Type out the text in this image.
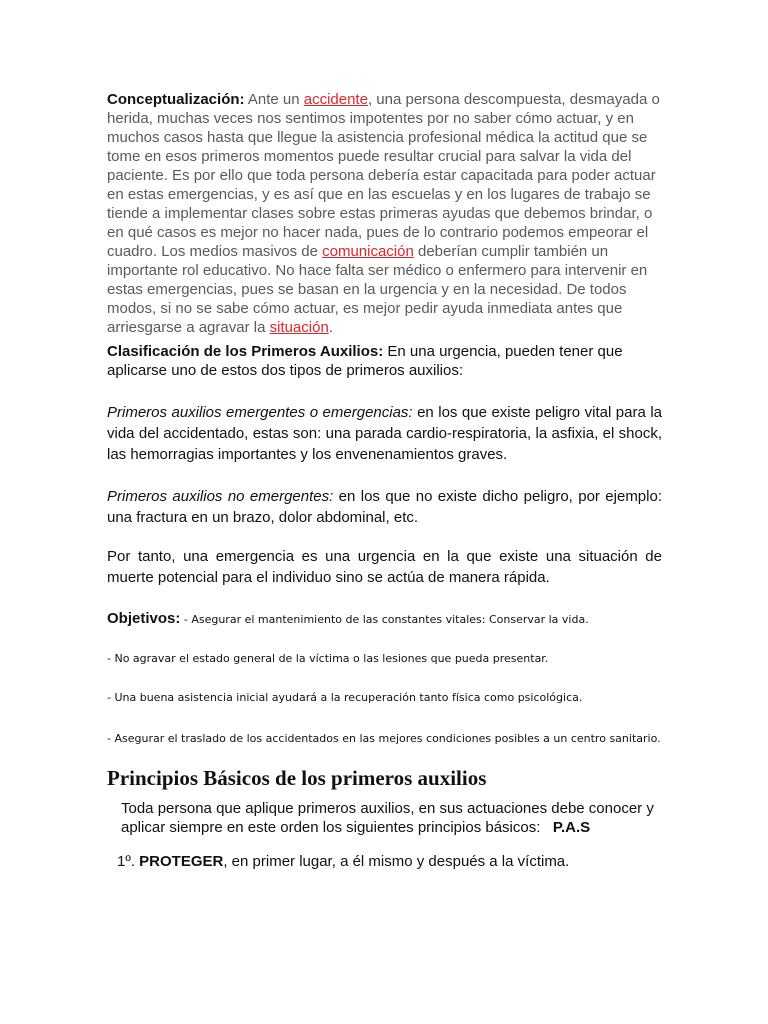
Conceptualización: Ante un accidente, una persona descompuesta, desmayada o herida, muchas veces nos sentimos impotentes por no saber cómo actuar, y en muchos casos hasta que llegue la asistencia profesional médica la actitud que se tome en esos primeros momentos puede resultar crucial para salvar la vida del paciente. Es por ello que toda persona debería estar capacitada para poder actuar en estas emergencias, y es así que en las escuelas y en los lugares de trabajo se tiende a implementar clases sobre estas primeras ayudas que debemos brindar, o en qué casos es mejor no hacer nada, pues de lo contrario podemos empeorar el cuadro. Los medios masivos de comunicación deberían cumplir también un importante rol educativo. No hace falta ser médico o enfermero para intervenir en estas emergencias, pues se basan en la urgencia y en la necesidad. De todos modos, si no se sabe cómo actuar, es mejor pedir ayuda inmediata antes que arriesgarse a agravar la situación.
Clasificación de los Primeros Auxilios: En una urgencia, pueden tener que aplicarse uno de estos dos tipos de primeros auxilios:
Primeros auxilios emergentes o emergencias: en los que existe peligro vital para la vida del accidentado, estas son: una parada cardio-respiratoria, la asfixia, el shock, las hemorragias importantes y los envenenamientos graves.
Primeros auxilios no emergentes: en los que no existe dicho peligro, por ejemplo: una fractura en un brazo, dolor abdominal, etc.
Por tanto, una emergencia es una urgencia en la que existe una situación de muerte potencial para el individuo sino se actúa de manera rápida.
Objetivos: - Asegurar el mantenimiento de las constantes vitales: Conservar la vida.
- No agravar el estado general de la víctima o las lesiones que pueda presentar.
- Una buena asistencia inicial ayudará a la recuperación tanto física como psicológica.
- Asegurar el traslado de los accidentados en las mejores condiciones posibles a un centro sanitario.
Principios Básicos de los primeros auxilios
Toda persona que aplique primeros auxilios, en sus actuaciones debe conocer y aplicar siempre en este orden los siguientes principios básicos: P.A.S
1º. PROTEGER, en primer lugar, a él mismo y después a la víctima.
